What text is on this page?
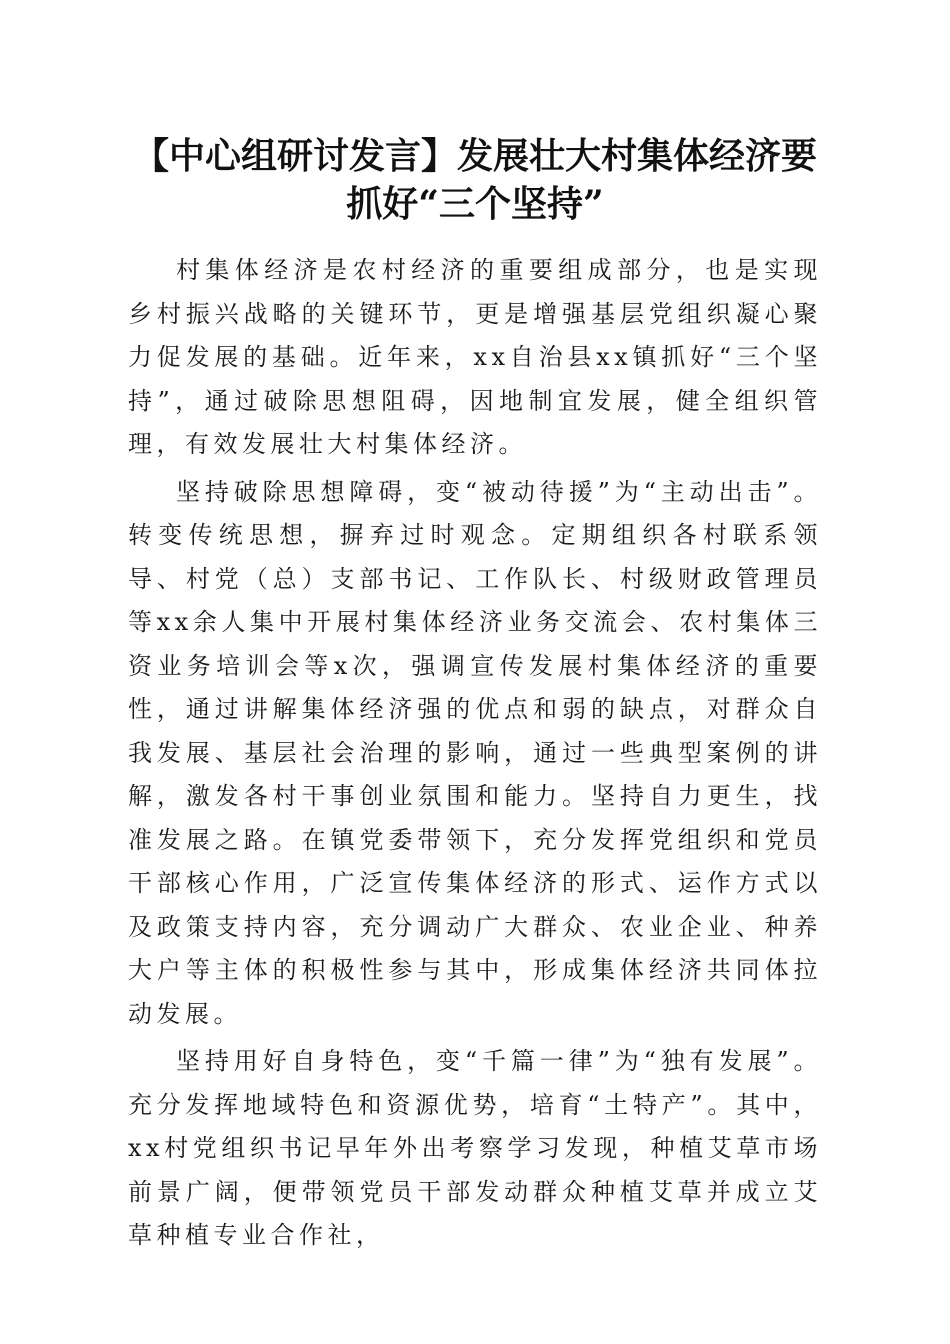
【中心组研讨发言】发展壮大村集体经济要抓好“三个坚持”

村集体经济是农村经济的重要组成部分，也是实现乡村振兴战略的关键环节，更是增强基层党组织凝心聚力促发展的基础。近年来，xx自治县xx镇抓好“三个坚持”，通过破除思想阻碍，因地制宜发展，健全组织管理，有效发展壮大村集体经济。

坚持破除思想障碍，变“被动待援”为“主动出击”。转变传统思想，摒弃过时观念。定期组织各村联系领导、村党（总）支部书记、工作队长、村级财政管理员等xx余人集中开展村集体经济业务交流会、农村集体三资业务培训会等x次，强调宣传发展村集体经济的重要性，通过讲解集体经济强的优点和弱的缺点，对群众自我发展、基层社会治理的影响，通过一些典型案例的讲解，激发各村干事创业氛围和能力。坚持自力更生，找准发展之路。在镇党委带领下，充分发挥党组织和党员干部核心作用，广泛宣传集体经济的形式、运作方式以及政策支持内容，充分调动广大群众、农业企业、种养大户等主体的积极性参与其中，形成集体经济共同体拉动发展。

坚持用好自身特色，变“千篇一律”为“独有发展”。充分发挥地域特色和资源优势，培育“土特产”。其中，xx村党组织书记早年外出考察学习发现，种植艾草市场前景广阔，便带领党员干部发动群众种植艾草并成立艾草种植专业合作社，
